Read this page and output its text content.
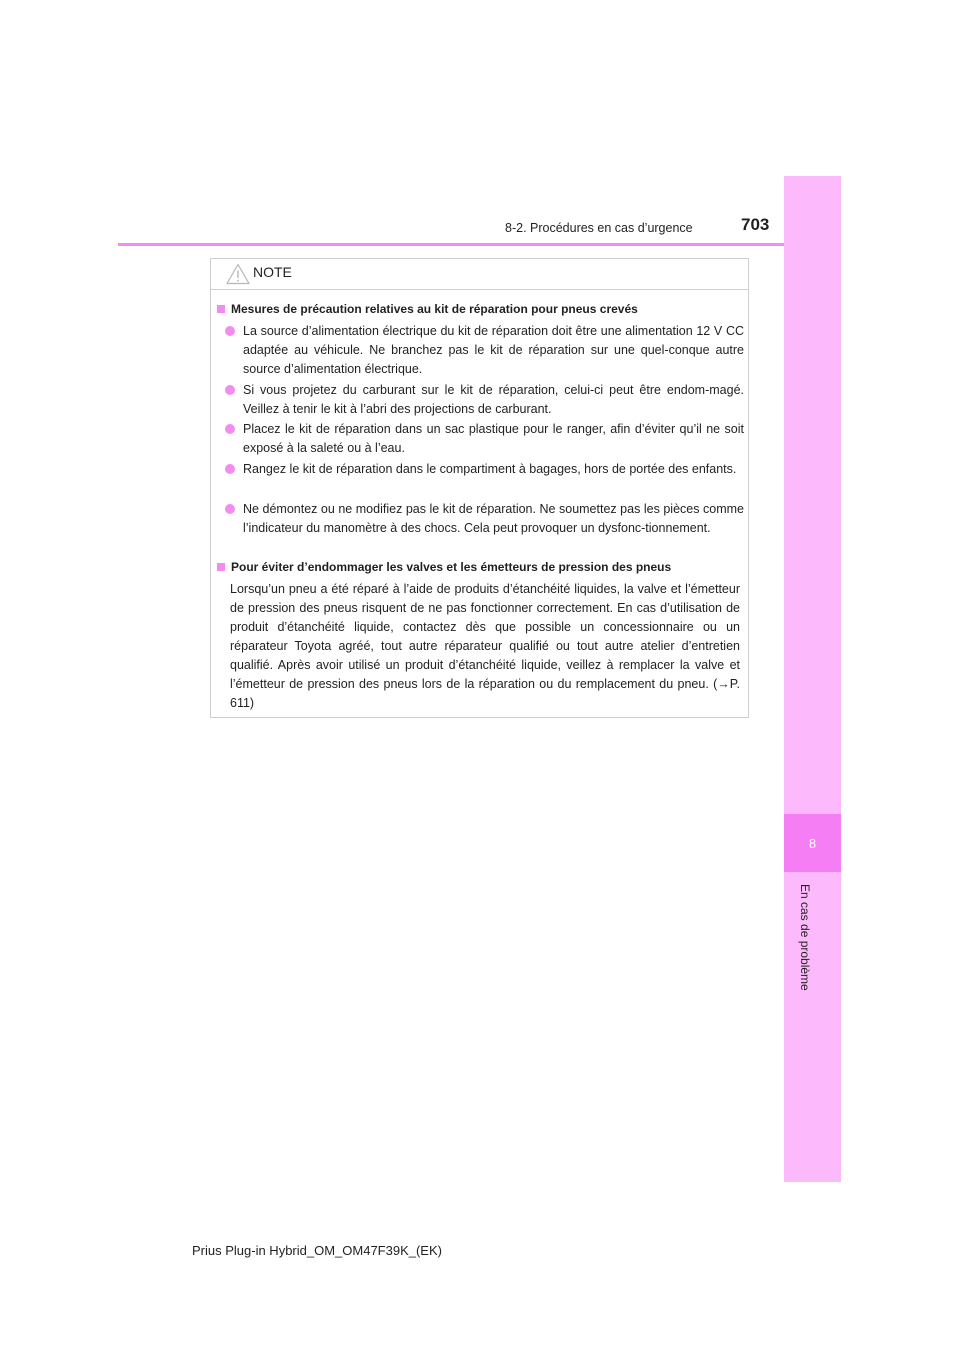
8-2. Procédures en cas d’urgence	703
8
En cas de problème
NOTE
Mesures de précaution relatives au kit de réparation pour pneus crevés
La source d’alimentation électrique du kit de réparation doit être une alimentation 12 V CC adaptée au véhicule. Ne branchez pas le kit de réparation sur une quel-conque autre source d’alimentation électrique.
Si vous projetez du carburant sur le kit de réparation, celui-ci peut être endom-magé. Veillez à tenir le kit à l’abri des projections de carburant.
Placez le kit de réparation dans un sac plastique pour le ranger, afin d’éviter qu’il ne soit exposé à la saleté ou à l’eau.
Rangez le kit de réparation dans le compartiment à bagages, hors de portée des enfants.
Ne démontez ou ne modifiez pas le kit de réparation. Ne soumettez pas les pièces comme l’indicateur du manomètre à des chocs. Cela peut provoquer un dysfonc-tionnement.
Pour éviter d’endommager les valves et les émetteurs de pression des pneus
Lorsqu’un pneu a été réparé à l’aide de produits d’étanchéité liquides, la valve et l’émetteur de pression des pneus risquent de ne pas fonctionner correctement. En cas d’utilisation de produit d’étanchéité liquide, contactez dès que possible un concessionnaire ou un réparateur Toyota agréé, tout autre réparateur qualifié ou tout autre atelier d’entretien qualifié. Après avoir utilisé un produit d’étanchéité liquide, veillez à remplacer la valve et l’émetteur de pression des pneus lors de la réparation ou du remplacement du pneu. (→P. 611)
Prius Plug-in Hybrid_OM_OM47F39K_(EK)
